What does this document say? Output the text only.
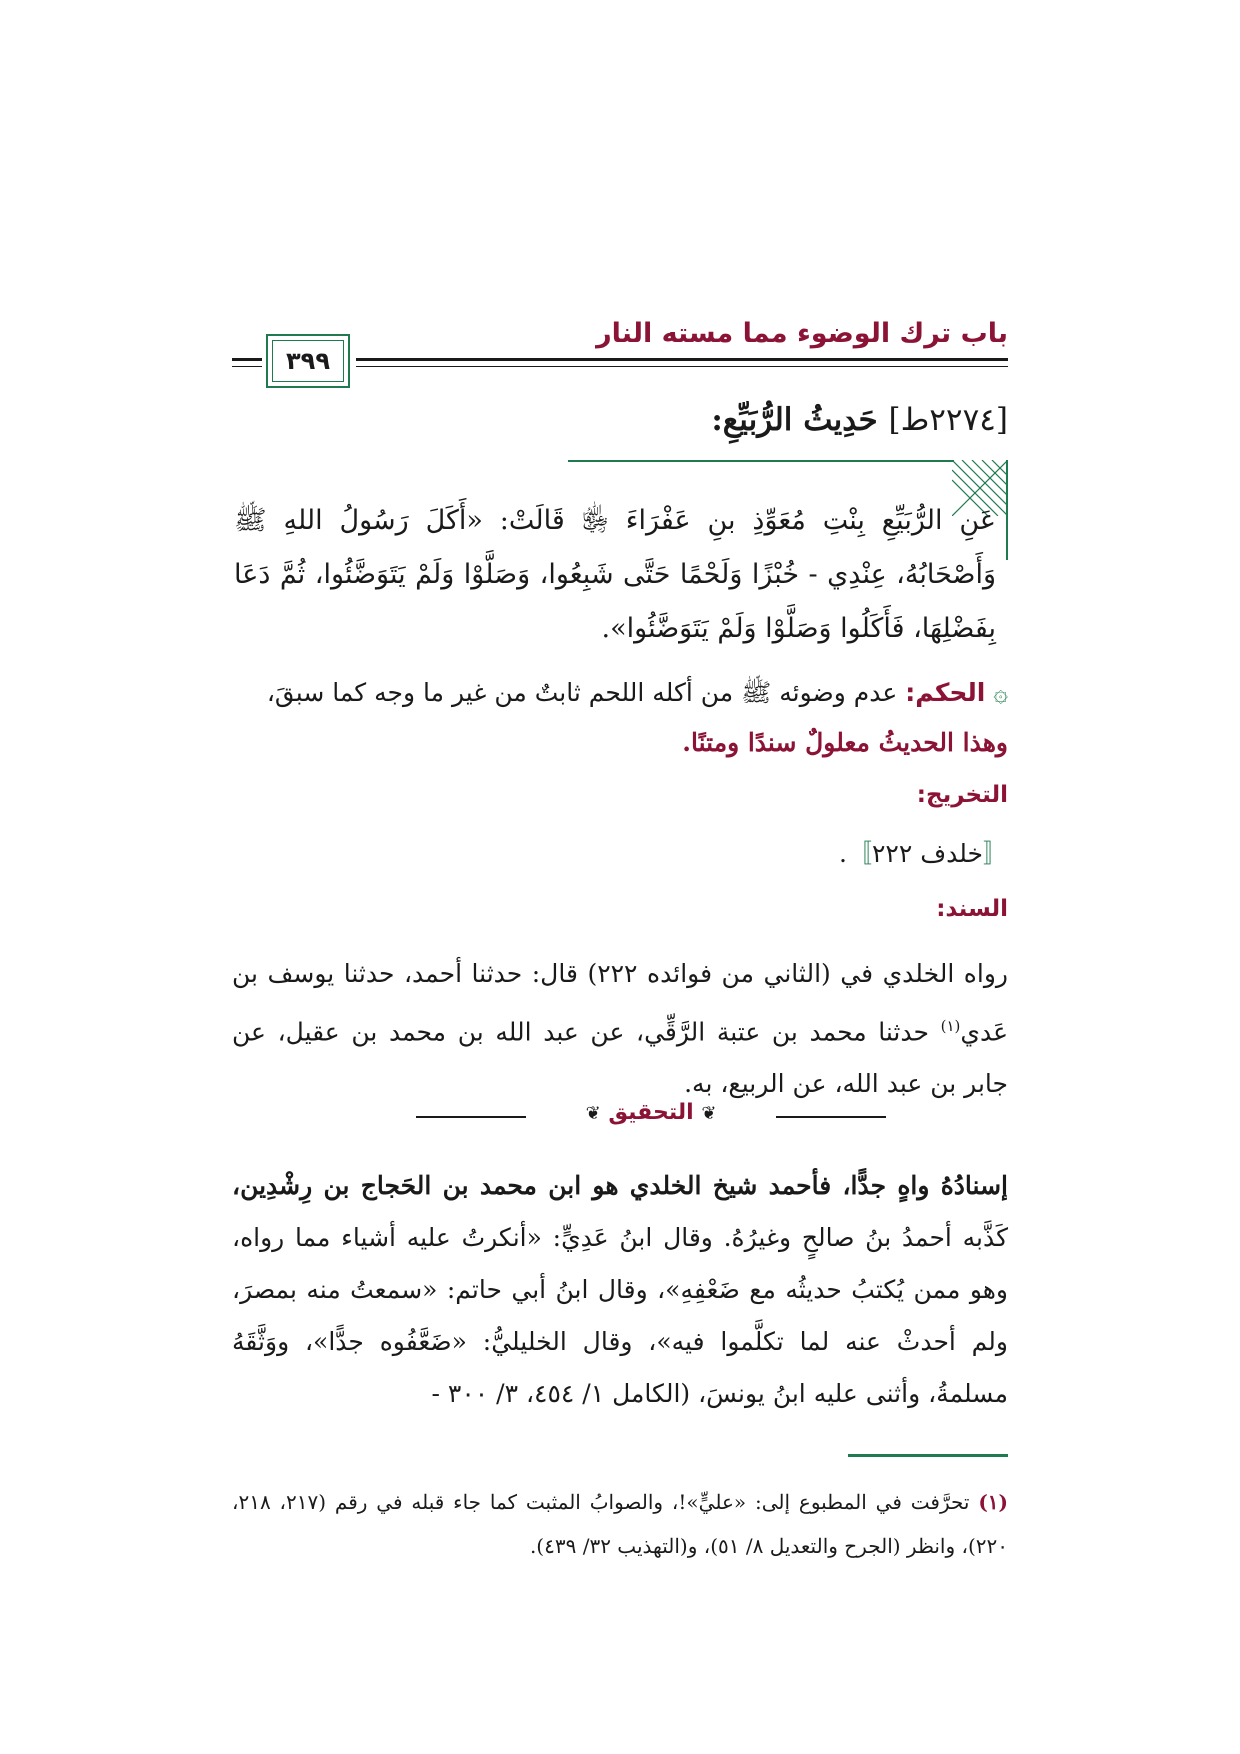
باب ترك الوضوء مما مسته النار
٣٩٩
[٢٢٧٤ط] حَدِيثُ الرُّبَيِّعِ:
عَنِ الرُّبَيِّعِ بِنْتِ مُعَوِّذِ بنِ عَفْرَاءَ ﵂ قَالَتْ: «أَكَلَ رَسُولُ اللهِ ﷺ وَأَصْحَابُهُ، عِنْدِي - خُبْزًا وَلَحْمًا حَتَّى شَبِعُوا، وَصَلَّوْا وَلَمْ يَتَوَضَّئُوا، ثُمَّ دَعَا بِفَضْلِهَا، فَأَكَلُوا وَصَلَّوْا وَلَمْ يَتَوَضَّئُوا».
۞ الحكم: عدم وضوئه ﷺ من أكله اللحم ثابتٌ من غير ما وجه كما سبقَ، وهذا الحديثُ معلولٌ سندًا ومتنًا.
التخريج:
〚خلدف ٢٢٢〛.
السند:
رواه الخلدي في (الثاني من فوائده ٢٢٢) قال: حدثنا أحمد، حدثنا يوسف بن عَدي$^{(١)}$ حدثنا محمد بن عتبة الرَّقِّي، عن عبد الله بن محمد بن عقيل، عن جابر بن عبد الله، عن الربيع، به.
❦ التحقيق ❦
إسنادُهُ واهٍ جدًّا، فأحمد شيخ الخلدي هو ابن محمد بن الحَجاج بن رِشْدِين، كَذَّبه أحمدُ بنُ صالحٍ وغيرُهُ. وقال ابنُ عَدِيٍّ: «أنكرتُ عليه أشياء مما رواه، وهو ممن يُكتبُ حديثُه مع ضَعْفِهِ»، وقال ابنُ أبي حاتم: «سمعتُ منه بمصرَ، ولم أحدثْ عنه لما تكلَّموا فيه»، وقال الخليليُّ: «ضَعَّفُوه جدًّا»، ووَثَّقَهُ مسلمةُ، وأثنى عليه ابنُ يونسَ، (الكامل ١/ ٤٥٤، ٣/ ٣٠٠ -
(١) تحرَّفت في المطبوع إلى: «عليٍّ»!، والصوابُ المثبت كما جاء قبله في رقم (٢١٧، ٢١٨، ٢٢٠)، وانظر (الجرح والتعديل ٨/ ٥١)، و(التهذيب ٣٢/ ٤٣٩).
